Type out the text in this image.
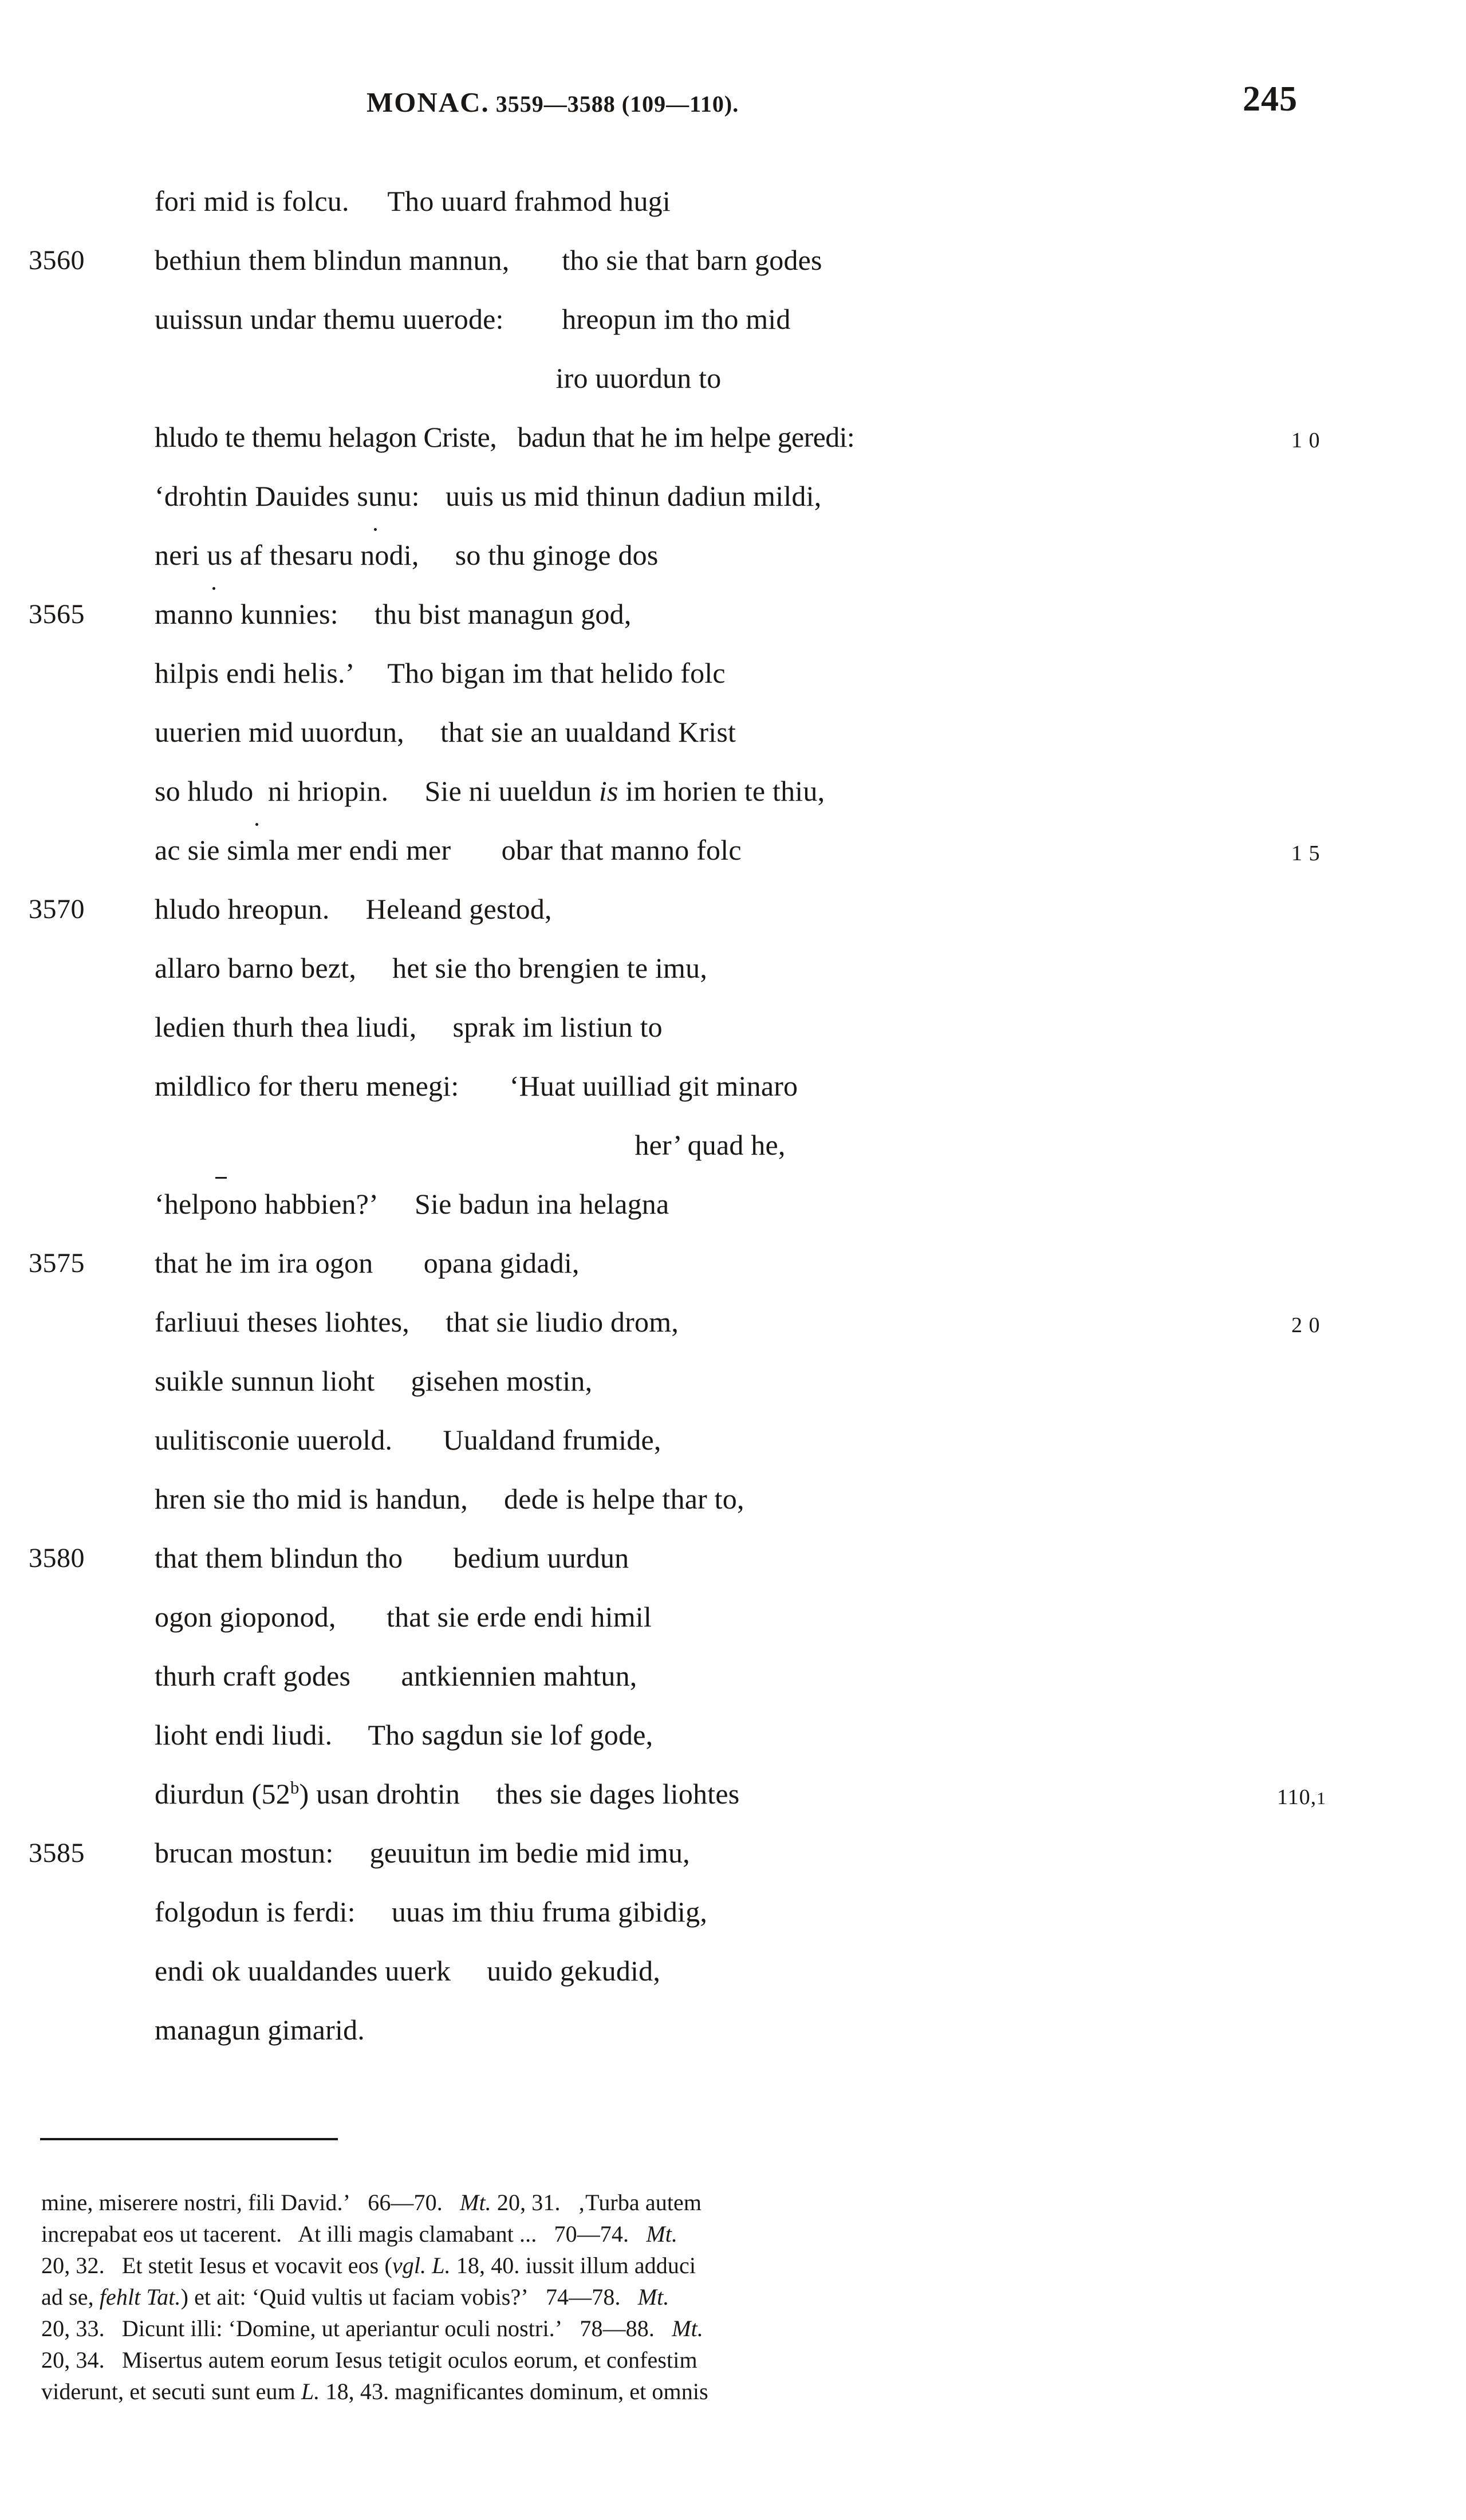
MONAC. 3559—3588 (109—110).	245

fori mid is folcu.	Tho uuard frahmod hugi

3560

bethiun them blindun mannun,	tho sie that barn godes

uuissun undar themu uuerode:	hreopun im tho mid

iro uuordun to

hludo te themu helagon Criste,  badun that he im helpe geredi:

	1 0

‘drohtin Dauides sunu:	uuis us mid thinun dadiun mildi,

neri us af thesaru nodi,   so thu ginoge dos

3565

manno kunnies:   thu bist managun god,

hilpis endi helis.’	Tho bigan im that helido folc

uuerien mid uuordun,   that sie an uualdand Krist

so hludo  ni hriopin.   Sie ni uueldun is im horien te thiu,

ac sie simla mer endi mer    obar that manno folc

	1 5

3570

hludo hreopun.   Heleand gestod,

allaro barno bezt,   het sie tho brengien te imu,

ledien thurh thea liudi,   sprak im listiun to

mildlico for theru menegi:    ‘Huat uuilliad git minaro

her’ quad he,

‘helpono habbien?’   Sie badun ina helagna

3575

that he im ira ogon    opana gidadi,

farliuui theses liohtes,   that sie liudio drom,

	2 0

suikle sunnun lioht   gisehen mostin,

uulitisconie uuerold.    Uualdand frumide,

hren sie tho mid is handun,   dede is helpe thar to,

3580

that them blindun tho    bedium uurdun

ogon gioponod,    that sie erde endi himil

thurh craft godes    antkiennien mahtun,

lioht endi liudi.   Tho sagdun sie lof gode,

diurdun (52$^b$) usan drohtin   thes sie dages liohtes

	110,1

3585

brucan mostun:   geuuitun im bedie mid imu,

folgodun is ferdi:   uuas im thiu fruma gibidig,

endi ok uualdandes uuerk   uuido gekudid,

managun gimarid.

mine, miserere nostri, fili David.’  66—70.  Mt. 20, 31.  ‚Turba autem
increpabat eos ut tacerent.  At illi magis clamabant ...  70—74.  Mt.
20, 32.  Et stetit Iesus et vocavit eos (vgl. L. 18, 40. iussit illum adduci
ad se, fehlt Tat.) et ait: ‘Quid vultis ut faciam vobis?’  74—78.  Mt.
20, 33.  Dicunt illi: ‘Domine, ut aperiantur oculi nostri.’  78—88.  Mt.
20, 34.  Misertus autem eorum Iesus tetigit oculos eorum, et confestim
viderunt, et secuti sunt eum L. 18, 43. magnificantes dominum, et omnis
